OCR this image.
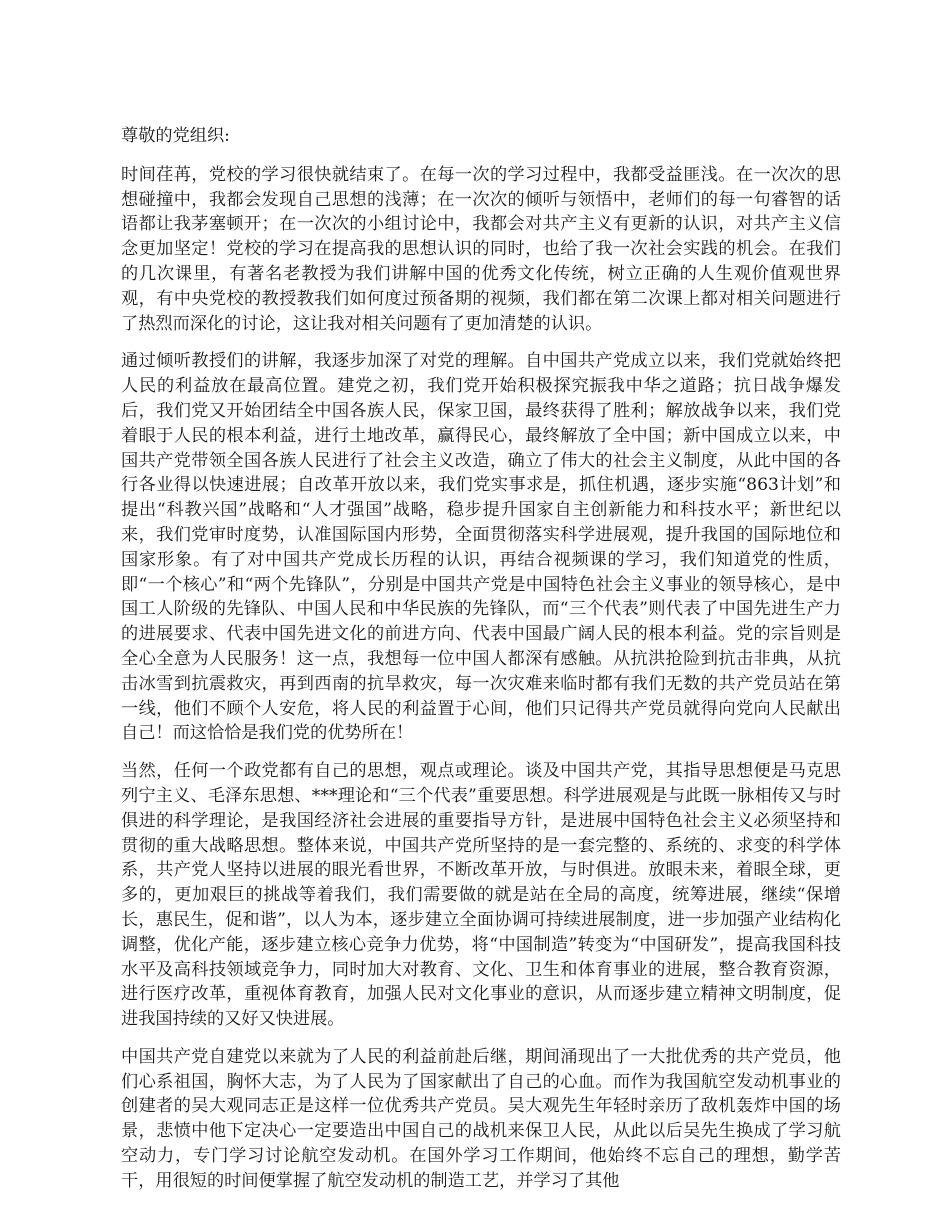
尊敬的党组织:

时间荏苒，党校的学习很快就结束了。在每一次的学习过程中，我都受益匪浅。在一次次的思想碰撞中，我都会发现自己思想的浅薄；在一次次的倾听与领悟中，老师们的每一句睿智的话语都让我茅塞顿开；在一次次的小组讨论中，我都会对共产主义有更新的认识，对共产主义信念更加坚定！党校的学习在提高我的思想认识的同时，也给了我一次社会实践的机会。在我们的几次课里，有著名老教授为我们讲解中国的优秀文化传统，树立正确的人生观价值观世界观，有中央党校的教授教我们如何度过预备期的视频，我们都在第二次课上都对相关问题进行了热烈而深化的讨论，这让我对相关问题有了更加清楚的认识。

通过倾听教授们的讲解，我逐步加深了对党的理解。自中国共产党成立以来，我们党就始终把人民的利益放在最高位置。建党之初，我们党开始积极探究振我中华之道路；抗日战争爆发后，我们党又开始团结全中国各族人民，保家卫国，最终获得了胜利；解放战争以来，我们党着眼于人民的根本利益，进行土地改革，赢得民心，最终解放了全中国；新中国成立以来，中国共产党带领全国各族人民进行了社会主义改造，确立了伟大的社会主义制度，从此中国的各行各业得以快速进展；自改革开放以来，我们党实事求是，抓住机遇，逐步实施“863计划”和提出“科教兴国”战略和“人才强国”战略，稳步提升国家自主创新能力和科技水平；新世纪以来，我们党审时度势，认准国际国内形势，全面贯彻落实科学进展观，提升我国的国际地位和国家形象。有了对中国共产党成长历程的认识，再结合视频课的学习，我们知道党的性质，即“一个核心”和“两个先锋队”，分别是中国共产党是中国特色社会主义事业的领导核心，是中国工人阶级的先锋队、中国人民和中华民族的先锋队，而“三个代表”则代表了中国先进生产力的进展要求、代表中国先进文化的前进方向、代表中国最广阔人民的根本利益。党的宗旨则是全心全意为人民服务！这一点，我想每一位中国人都深有感触。从抗洪抢险到抗击非典，从抗击冰雪到抗震救灾，再到西南的抗旱救灾，每一次灾难来临时都有我们无数的共产党员站在第一线，他们不顾个人安危，将人民的利益置于心间，他们只记得共产党员就得向党向人民献出自己！而这恰恰是我们党的优势所在！

当然，任何一个政党都有自己的思想，观点或理论。谈及中国共产党，其指导思想便是马克思列宁主义、毛泽东思想、***理论和“三个代表”重要思想。科学进展观是与此既一脉相传又与时俱进的科学理论，是我国经济社会进展的重要指导方针，是进展中国特色社会主义必须坚持和贯彻的重大战略思想。整体来说，中国共产党所坚持的是一套完整的、系统的、求变的科学体系，共产党人坚持以进展的眼光看世界，不断改革开放，与时俱进。放眼未来，着眼全球，更多的，更加艰巨的挑战等着我们，我们需要做的就是站在全局的高度，统筹进展，继续“保增长，惠民生，促和谐”，以人为本，逐步建立全面协调可持续进展制度，进一步加强产业结构化调整，优化产能，逐步建立核心竞争力优势，将“中国制造”转变为“中国研发”，提高我国科技水平及高科技领域竞争力，同时加大对教育、文化、卫生和体育事业的进展，整合教育资源，进行医疗改革，重视体育教育，加强人民对文化事业的意识，从而逐步建立精神文明制度，促进我国持续的又好又快进展。

中国共产党自建党以来就为了人民的利益前赴后继，期间涌现出了一大批优秀的共产党员，他们心系祖国，胸怀大志，为了人民为了国家献出了自己的心血。而作为我国航空发动机事业的创建者的吴大观同志正是这样一位优秀共产党员。吴大观先生年轻时亲历了敌机轰炸中国的场景，悲愤中他下定决心一定要造出中国自己的战机来保卫人民，从此以后吴先生换成了学习航空动力，专门学习讨论航空发动机。在国外学习工作期间，他始终不忘自己的理想，勤学苦干，用很短的时间便掌握了航空发动机的制造工艺，并学习了其他
